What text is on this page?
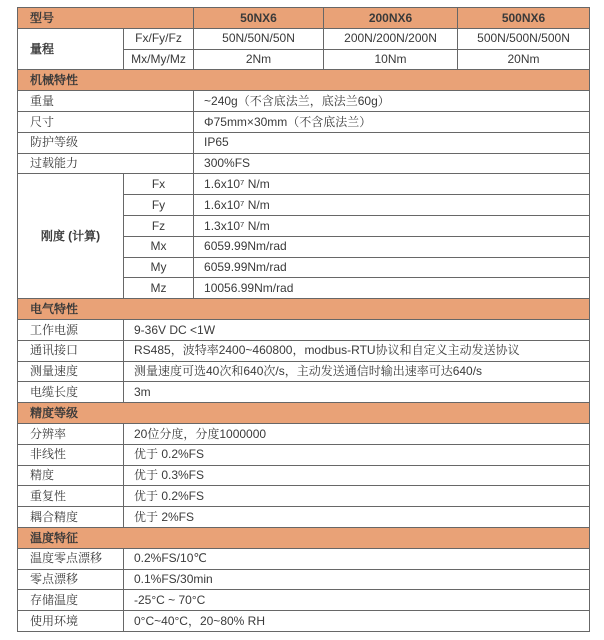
型号		50NX6	200NX6	500NX6
量程	Fx/Fy/Fz	50N/50N/50N	200N/200N/200N	500N/500N/500N
	Mx/My/Mz	2Nm	10Nm	20Nm
机械特性				
重量		~240g（不含底法兰，底法兰60g）		
尺寸		Φ75mm×30mm（不含底法兰）		
防护等级		IP65		
过载能力		300%FS		
刚度 (计算)	Fx	1.6x10⁷ N/m		
	Fy	1.6x10⁷ N/m		
	Fz	1.3x10⁷ N/m		
	Mx	6059.99Nm/rad		
	My	6059.99Nm/rad		
	Mz	10056.99Nm/rad		
电气特性				
工作电源	9-36V DC <1W			
通讯接口	RS485，波特率2400~460800，modbus-RTU协议和自定义主动发送协议			
测量速度	测量速度可选40次和640次/s，主动发送通信时输出速率可达640/s			
电缆长度	3m			
精度等级				
分辨率	20位分度，分度1000000			
非线性	优于 0.2%FS			
精度	优于 0.3%FS			
重复性	优于 0.2%FS			
耦合精度	优于 2%FS			
温度特征				
温度零点漂移	0.2%FS/10℃			
零点漂移	0.1%FS/30min			
存储温度	-25°C ~ 70°C			
使用环境	0°C~40°C，20~80% RH			
